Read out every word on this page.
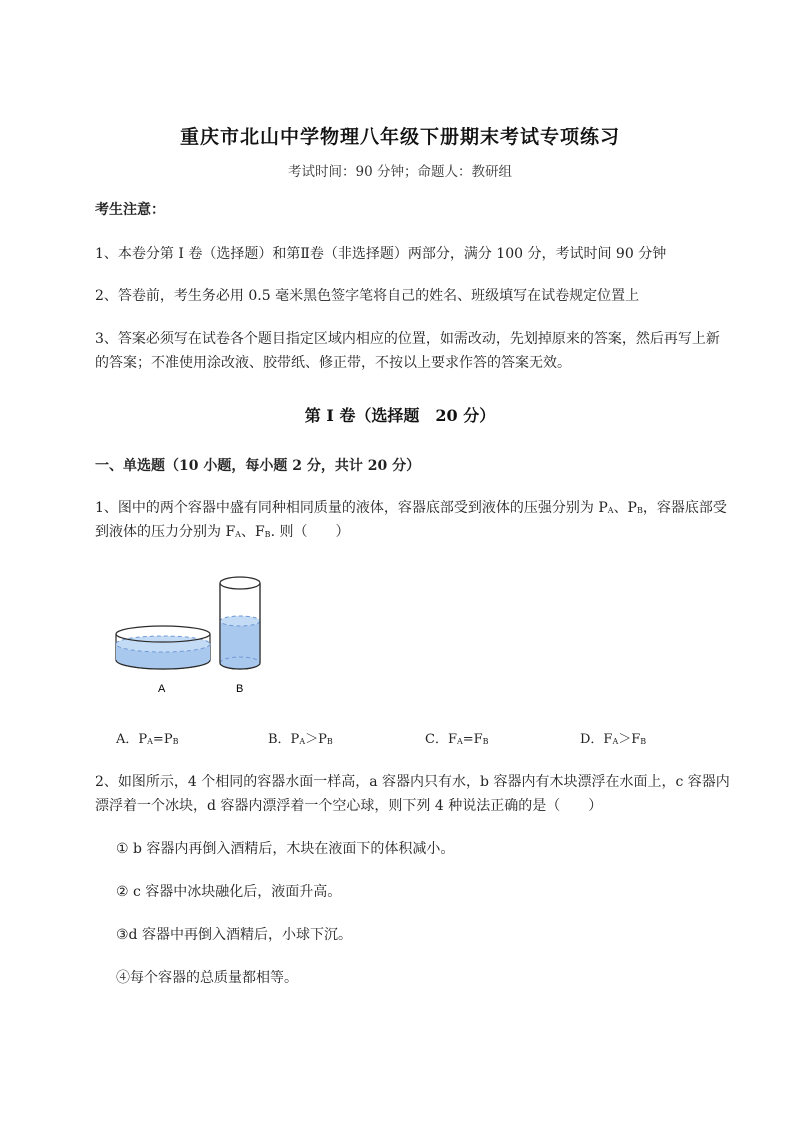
重庆市北山中学物理八年级下册期末考试专项练习
考试时间：90 分钟；命题人：教研组
考生注意：
1、本卷分第 I 卷（选择题）和第Ⅱ卷（非选择题）两部分，满分 100 分，考试时间 90 分钟
2、答卷前，考生务必用 0.5 毫米黑色签字笔将自己的姓名、班级填写在试卷规定位置上
3、答案必须写在试卷各个题目指定区域内相应的位置，如需改动，先划掉原来的答案，然后再写上新
的答案；不准使用涂改液、胶带纸、修正带，不按以上要求作答的答案无效。
第 I 卷（选择题　20 分）
一、单选题（10 小题，每小题 2 分，共计 20 分）
1、图中的两个容器中盛有同种相同质量的液体，容器底部受到液体的压强分别为 $P_A$、$P_B$，容器底部受
到液体的压力分别为 $F_A$、$F_B$. 则（　　）
A	B
A．$P_A=P_B$	B．$P_A>P_B$	C．$F_A=F_B$	D．$F_A>F_B$
2、如图所示，4 个相同的容器水面一样高，a 容器内只有水，b 容器内有木块漂浮在水面上，c 容器内
漂浮着一个冰块，d 容器内漂浮着一个空心球，则下列 4 种说法正确的是（　　）
① b 容器内再倒入酒精后，木块在液面下的体积减小。
② c 容器中冰块融化后，液面升高。
③d 容器中再倒入酒精后，小球下沉。
④每个容器的总质量都相等。
